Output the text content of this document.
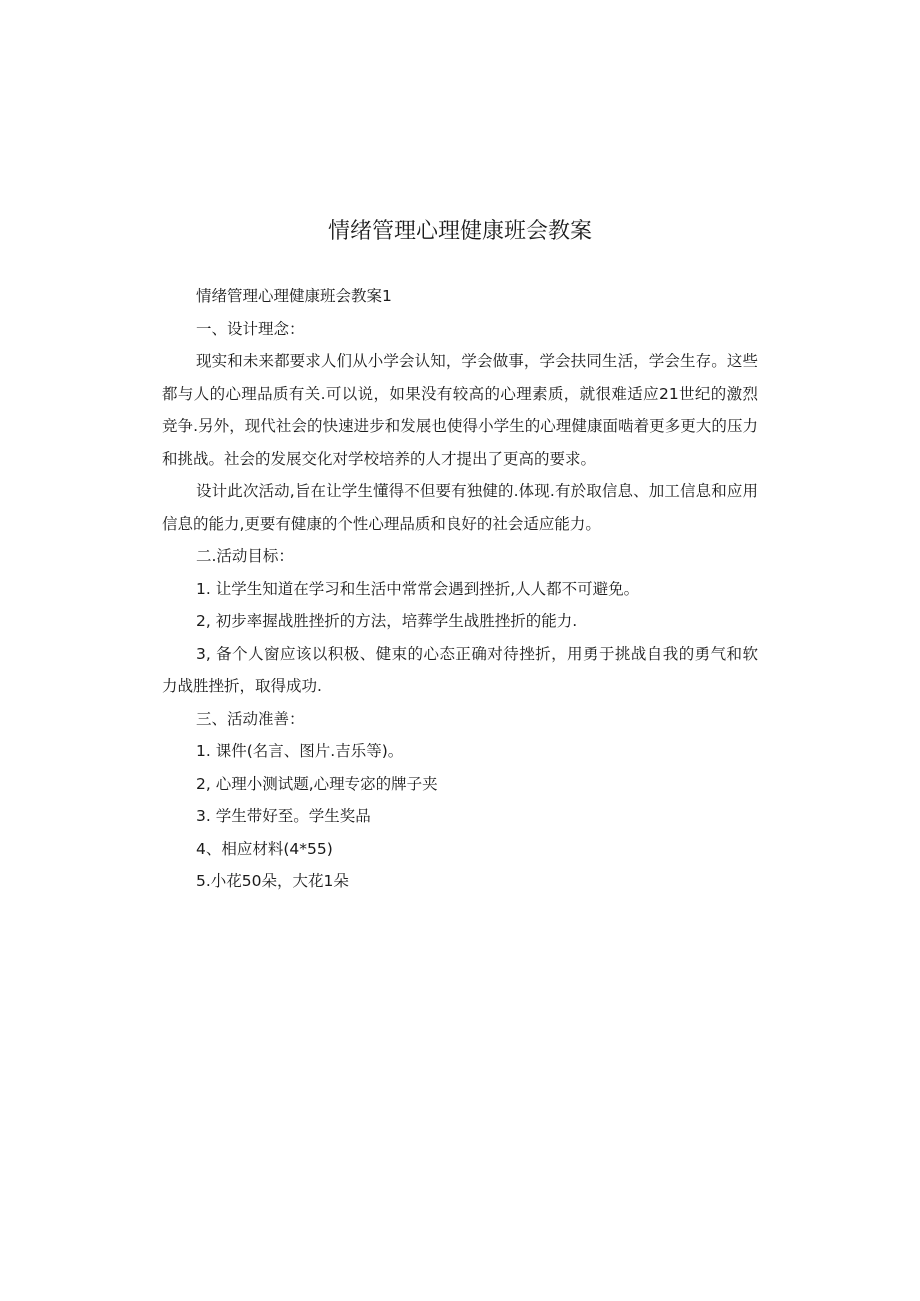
情绪管理心理健康班会教案

情绪管理心理健康班会教案1

一、设计理念：

现实和未来都要求人们从小学会认知，学会做事，学会扶同生活，学会生存。这些都与人的心理品质有关.可以说，如果没有较高的心理素质，就很难适应21世纪的激烈竞争.另外，现代社会的快速进步和发展也使得小学生的心理健康面啮着更多更大的压力和挑战。社会的发展交化对学校培养的人才提出了更高的要求。

设计此次活动,旨在让学生懂得不但要有独健的.体现.有於取信息、加工信息和应用信息的能力,更要有健康的个性心理品质和良好的社会适应能力。

二.活动目标：

1. 让学生知道在学习和生活中常常会遇到挫折,人人都不可避免。

2, 初步率握战胜挫折的方法，培葬学生战胜挫折的能力.

3, 备个人窗应该以积极、健束的心态正确对待挫折，用勇于挑战自我的勇气和软力战胜挫折，取得成功.

三、活动准善：

1. 课件(名言、图片.吉乐等)。

2, 心理小测试题,心理专宓的牌子夹

3. 学生带好至。学生奖品

4、相应材料(4*55)

5.小花50朵，大花1朵
